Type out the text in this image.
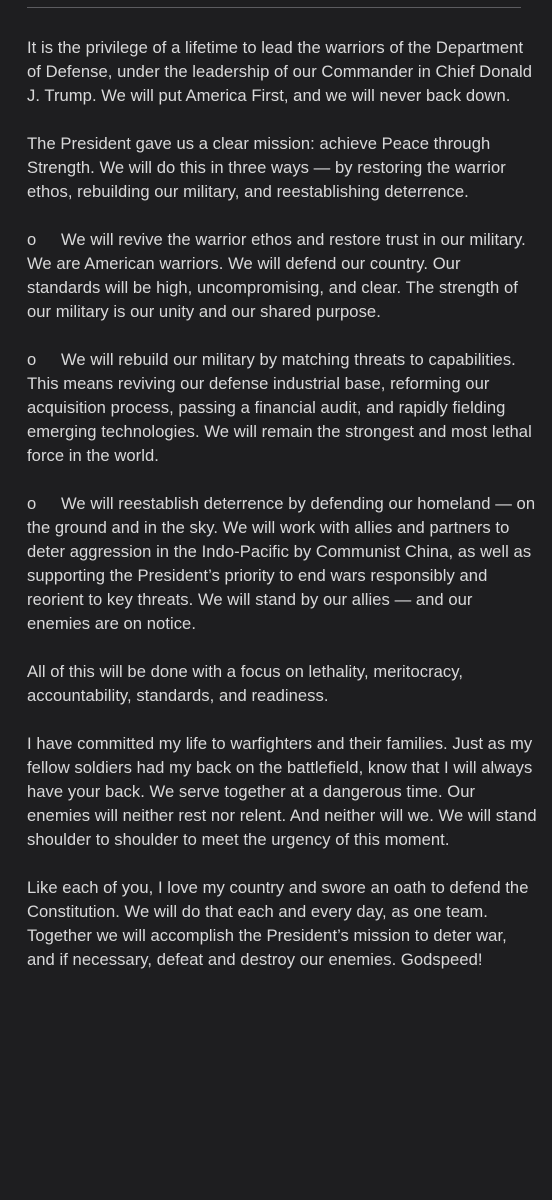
It is the privilege of a lifetime to lead the warriors of the Department of Defense, under the leadership of our Commander in Chief Donald J. Trump. We will put America First, and we will never back down.

The President gave us a clear mission: achieve Peace through Strength. We will do this in three ways — by restoring the warrior ethos, rebuilding our military, and reestablishing deterrence.

o We will revive the warrior ethos and restore trust in our military. We are American warriors. We will defend our country. Our standards will be high, uncompromising, and clear. The strength of our military is our unity and our shared purpose.

o We will rebuild our military by matching threats to capabilities. This means reviving our defense industrial base, reforming our acquisition process, passing a financial audit, and rapidly fielding emerging technologies. We will remain the strongest and most lethal force in the world.

o We will reestablish deterrence by defending our homeland — on the ground and in the sky. We will work with allies and partners to deter aggression in the Indo-Pacific by Communist China, as well as supporting the President’s priority to end wars responsibly and reorient to key threats. We will stand by our allies — and our enemies are on notice.

All of this will be done with a focus on lethality, meritocracy, accountability, standards, and readiness.

I have committed my life to warfighters and their families. Just as my fellow soldiers had my back on the battlefield, know that I will always have your back. We serve together at a dangerous time. Our enemies will neither rest nor relent. And neither will we. We will stand shoulder to shoulder to meet the urgency of this moment.

Like each of you, I love my country and swore an oath to defend the Constitution. We will do that each and every day, as one team. Together we will accomplish the President’s mission to deter war, and if necessary, defeat and destroy our enemies. Godspeed!
